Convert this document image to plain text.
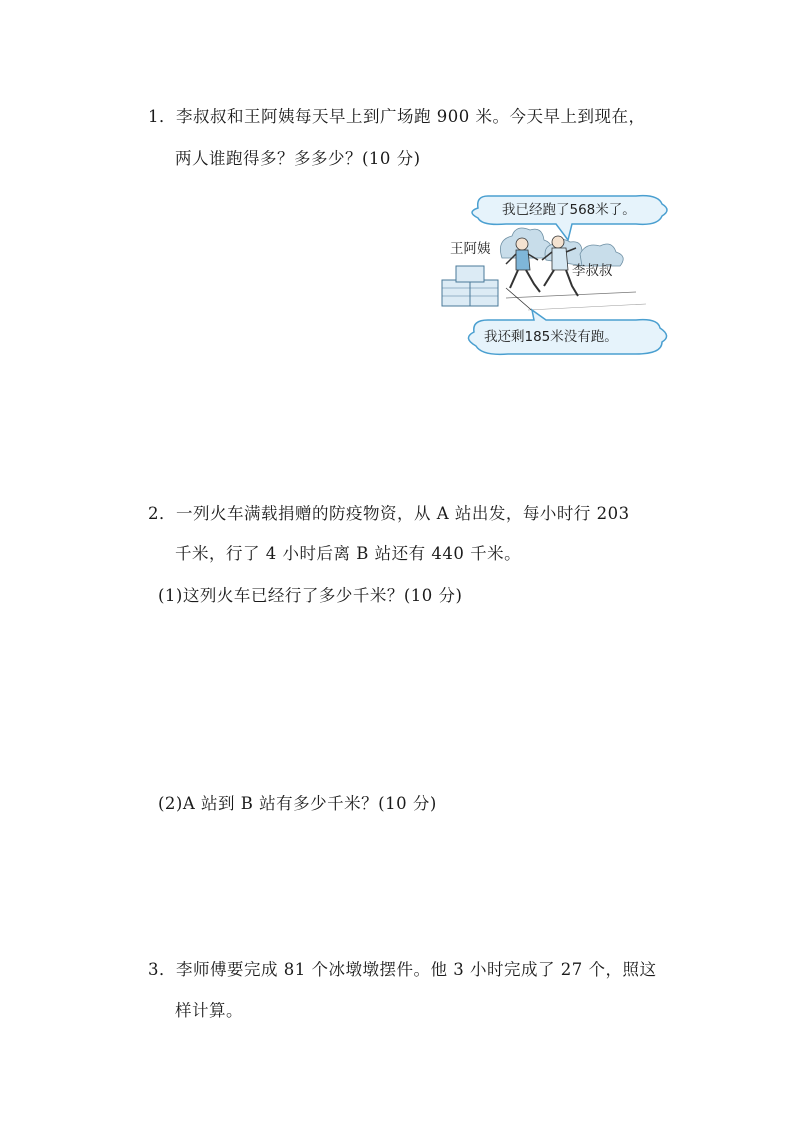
1．李叔叔和王阿姨每天早上到广场跑 900 米。今天早上到现在，
两人谁跑得多？多多少？(10 分)
我已经跑了568米了。
王阿姨
李叔叔
我还剩185米没有跑。
2．一列火车满载捐赠的防疫物资，从 A 站出发，每小时行 203
千米，行了 4 小时后离 B 站还有 440 千米。
(1)这列火车已经行了多少千米？(10 分)
(2)A 站到 B 站有多少千米？(10 分)
3．李师傅要完成 81 个冰墩墩摆件。他 3 小时完成了 27 个，照这
样计算。
